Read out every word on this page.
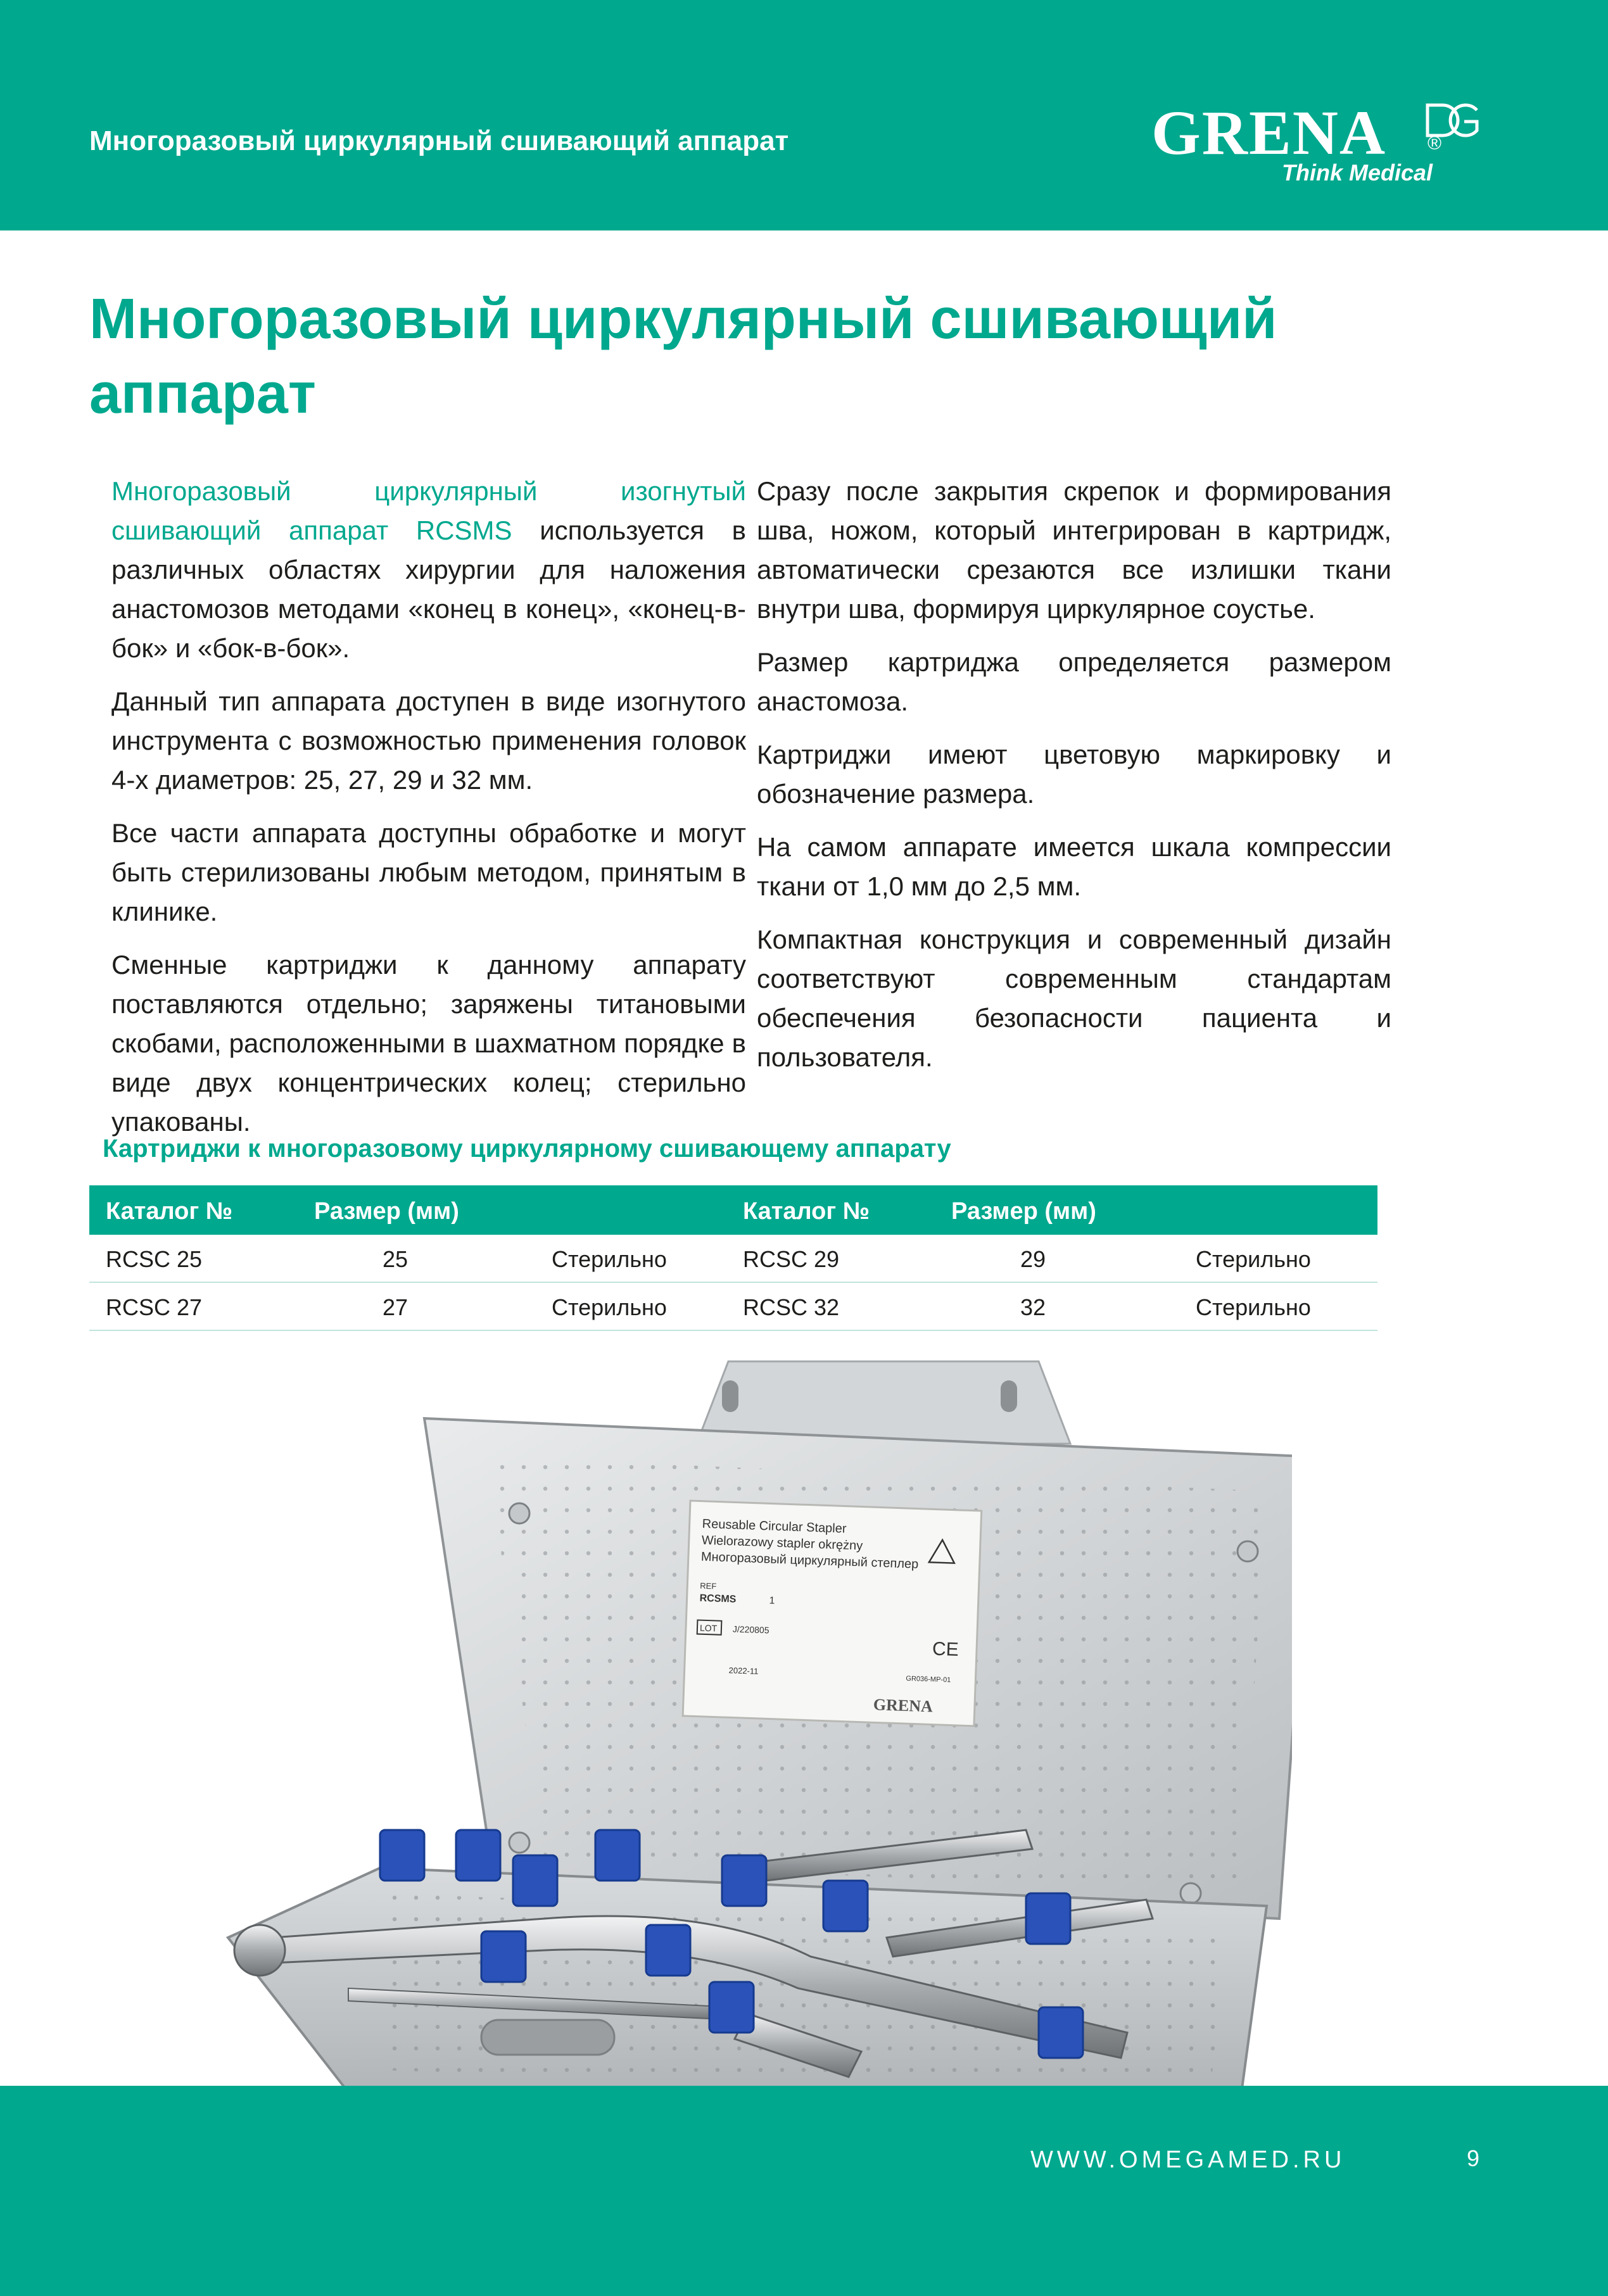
Многоразовый циркулярный сшивающий аппарат	GRENA ®
Think Medical
Многоразовый циркулярный сшивающий аппарат

Многоразовый циркулярный изогнутый сшивающий аппарат RCSMS используется в различных областях хирургии для наложения анастомозов методами «конец в конец», «конец-в-бок» и «бок-в-бок».

Данный тип аппарата доступен в виде изогнутого инструмента с возможностью применения головок 4-х диаметров: 25, 27, 29 и 32 мм.

Все части аппарата доступны обработке и могут быть стерилизованы любым методом, принятым в клинике.

Сменные картриджи к данному аппарату поставляются отдельно; заряжены титановыми скобами, расположенными в шахматном порядке в виде двух концентрических колец; стерильно упакованы.

Сразу после закрытия скрепок и формирования шва, ножом, который интегрирован в картридж, автоматически срезаются все излишки ткани внутри шва, формируя циркулярное соустье.

Размер картриджа определяется размером анастомоза.

Картриджи имеют цветовую маркировку и обозначение размера.

На самом аппарате имеется шкала компрессии ткани от 1,0 мм до 2,5 мм.

Компактная конструкция и современный дизайн соответствуют современным стандартам обеспечения безопасности пациента и пользователя.

Картриджи к многоразовому циркулярному сшивающему аппарату
Каталог №	Размер (мм)	Каталог №	Размер (мм)
RCSC 25	25	Стерильно	RCSC 29	29	Стерильно
RCSC 27	27	Стерильно	RCSC 32	32	Стерильно
Reusable Circular Stapler
Wielorazowy stapler okrężny
Многоразовый циркулярный степлер
REF
RCSMS	1
LOT J/220805
CE
2022-11
GR036-MP-01
GRENA
WWW.OMEGAMED.RU	9
